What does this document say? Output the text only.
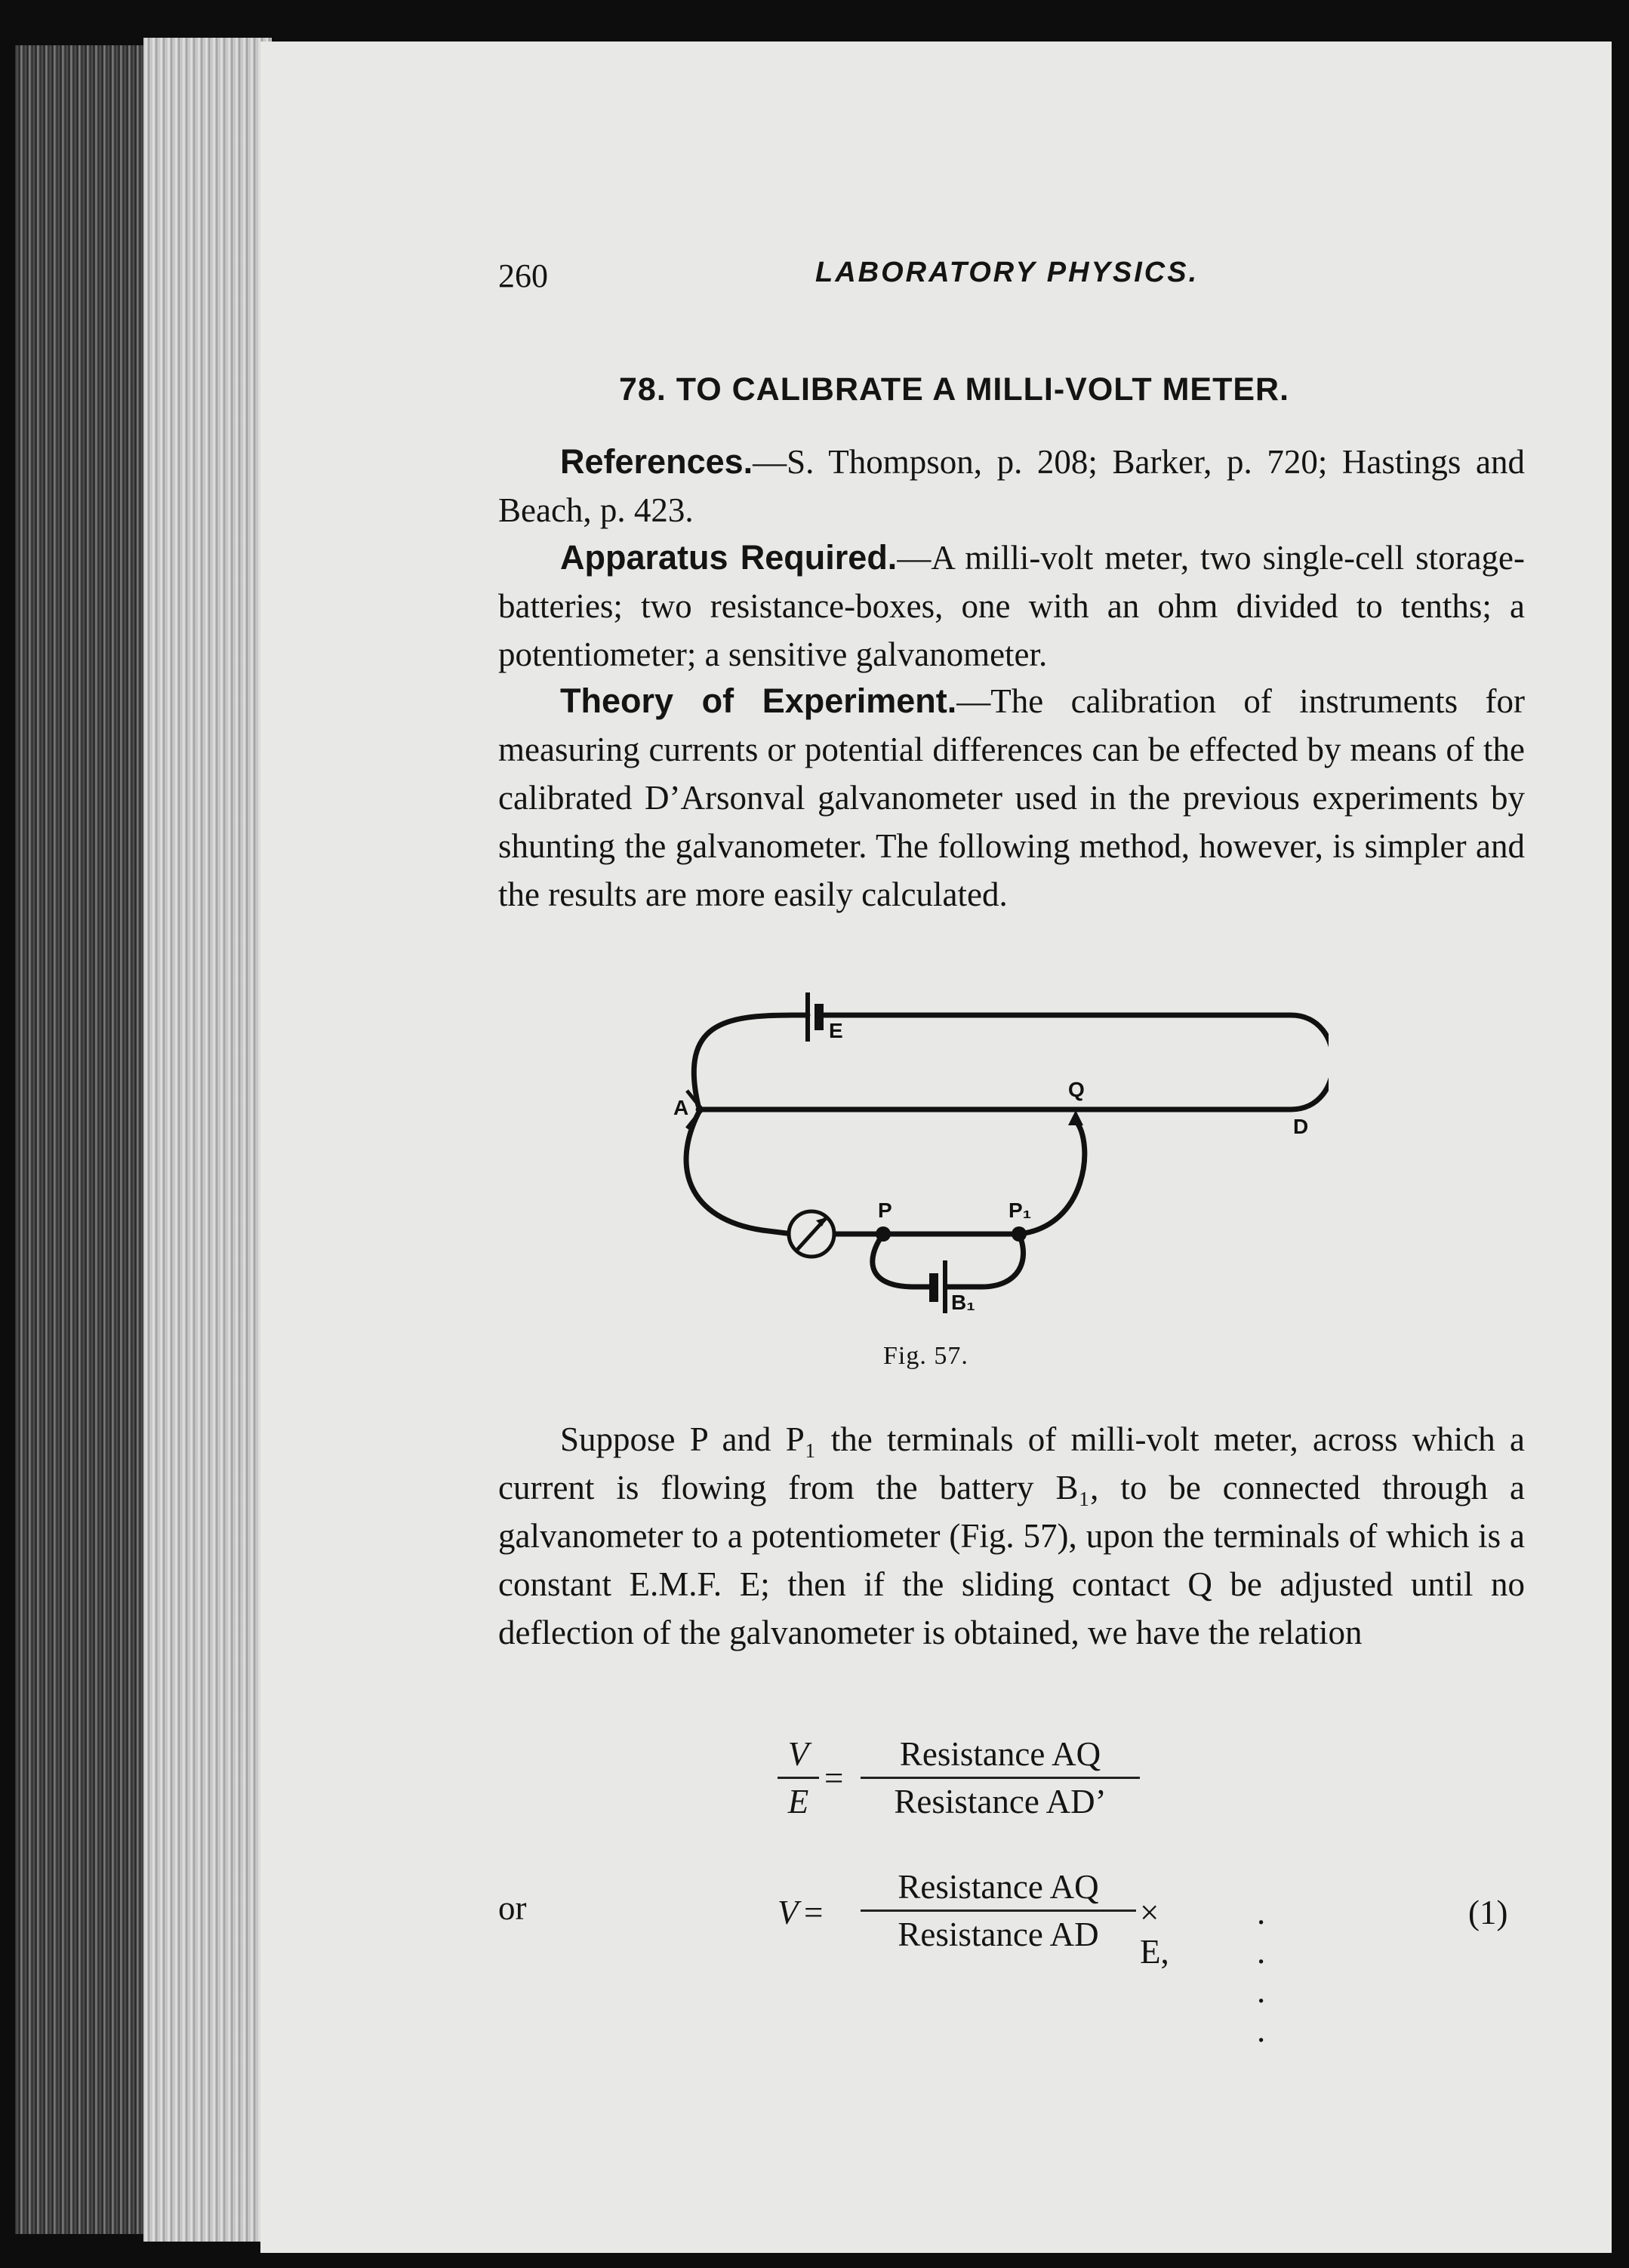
260	LABORATORY PHYSICS.
78. TO CALIBRATE A MILLI-VOLT METER.

References.—S. Thompson, p. 208; Barker, p. 720; Hastings and Beach, p. 423.

Apparatus Required.—A milli-volt meter, two single-cell storage-batteries; two resistance-boxes, one with an ohm divided to tenths; a potentiometer; a sensitive galvanometer.

Theory of Experiment.—The calibration of instruments for measuring currents or potential differences can be effected by means of the calibrated D’Arsonval galvanometer used in the previous experiments by shunting the galvanometer. The following method, however, is simpler and the results are more easily calculated.

E
A
Q
D
P	P₁
B₁
Fig. 57.

Suppose P and P₁ the terminals of milli-volt meter, across which a current is flowing from the battery B₁, to be connected through a galvanometer to a potentiometer (Fig. 57), upon the terminals of which is a constant E.M.F. E; then if the sliding contact Q be adjusted until no deflection of the galvanometer is obtained, we have the relation

V
E
=
Resistance AQ
Resistance AD’
or	V =
Resistance AQ
Resistance AD
× E,
. . . .
(1)
